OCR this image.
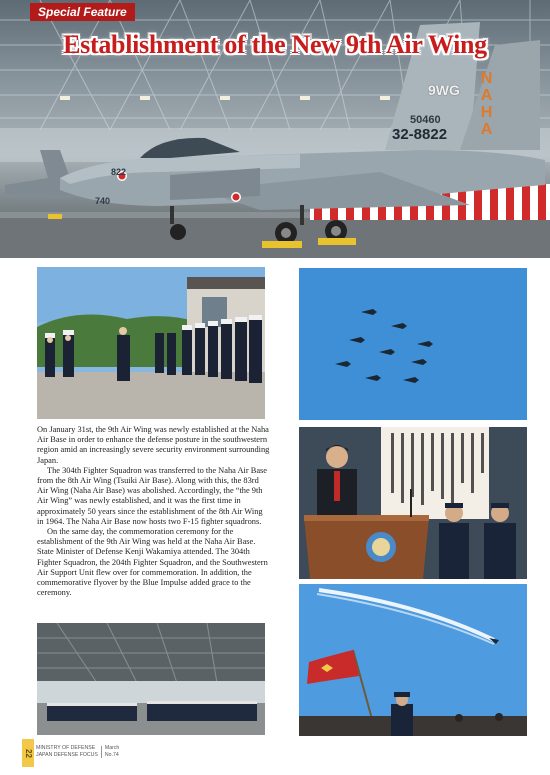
9WG	NAHA
50460
32-8822
822
740
Special Feature
Establishment of the New 9th Air Wing

On January 31st, the 9th Air Wing was newly established at the Naha Air Base in order to enhance the defense posture in the southwestern region amid an increasingly severe security environment surrounding Japan.

The 304th Fighter Squadron was transferred to the Naha Air Base from the 8th Air Wing (Tsuiki Air Base). Along with this, the 83rd Air Wing (Naha Air Base) was abolished. Accordingly, the “the 9th Air Wing” was newly established, and it was the first time in approximately 50 years since the establishment of the 8th Air Wing in 1964. The Naha Air Base now hosts two F-15 fighter squadrons.

On the same day, the commemoration ceremony for the establishment of the 9th Air Wing was held at the Naha Air Base. State Minister of Defense Kenji Wakamiya attended. The 304th Fighter Squadron, the 204th Fighter Squadron, and the Southwestern Air Support Unit flew over for commemoration. In addition, the commemorative flyover by the Blue Impulse added grace to the ceremony.

22
MINISTRY OF DEFENSE
JAPAN DEFENSE FOCUSMarch
No.74
